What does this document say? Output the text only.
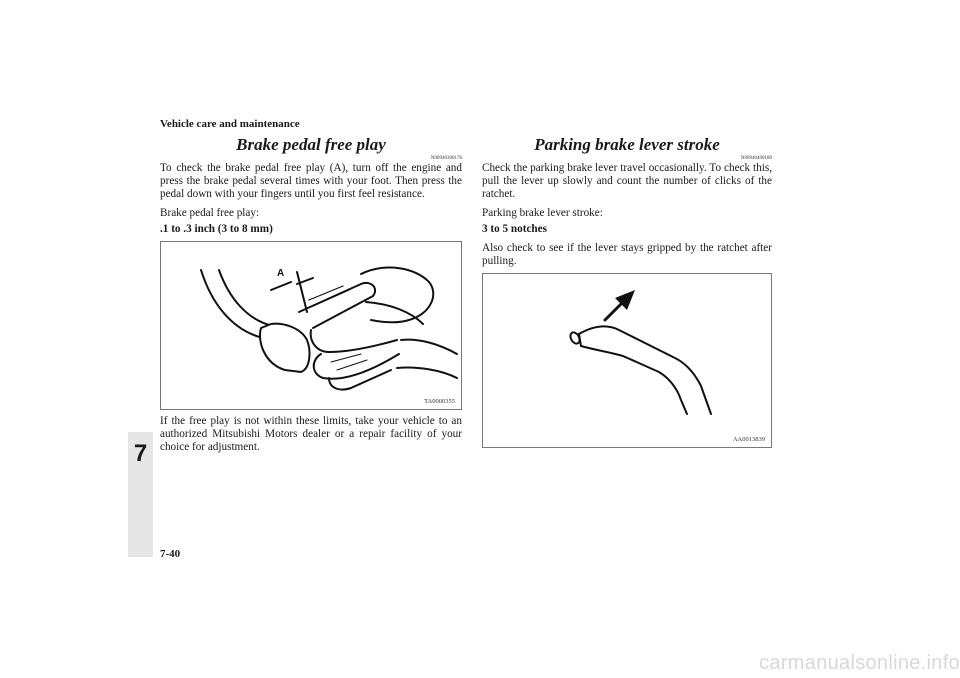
Vehicle care and maintenance
7
Brake pedal free play
N00940300176

To check the brake pedal free play (A), turn off the engine and press the brake pedal several times with your foot. Then press the pedal down with your fingers until you first feel resistance.

Brake pedal free play:

.1 to .3 inch (3 to 8 mm)

A
TA0000355

If the free play is not within these limits, take your vehicle to an authorized Mitsubishi Motors dealer or a repair facility of your choice for adjustment.

Parking brake lever stroke
N00940400180

Check the parking brake lever travel occasionally. To check this, pull the lever up slowly and count the number of clicks of the ratchet.

Parking brake lever stroke:

3 to 5 notches

Also check to see if the lever stays gripped by the ratchet after pulling.

AA0013839
7-40
carmanualsonline.info
